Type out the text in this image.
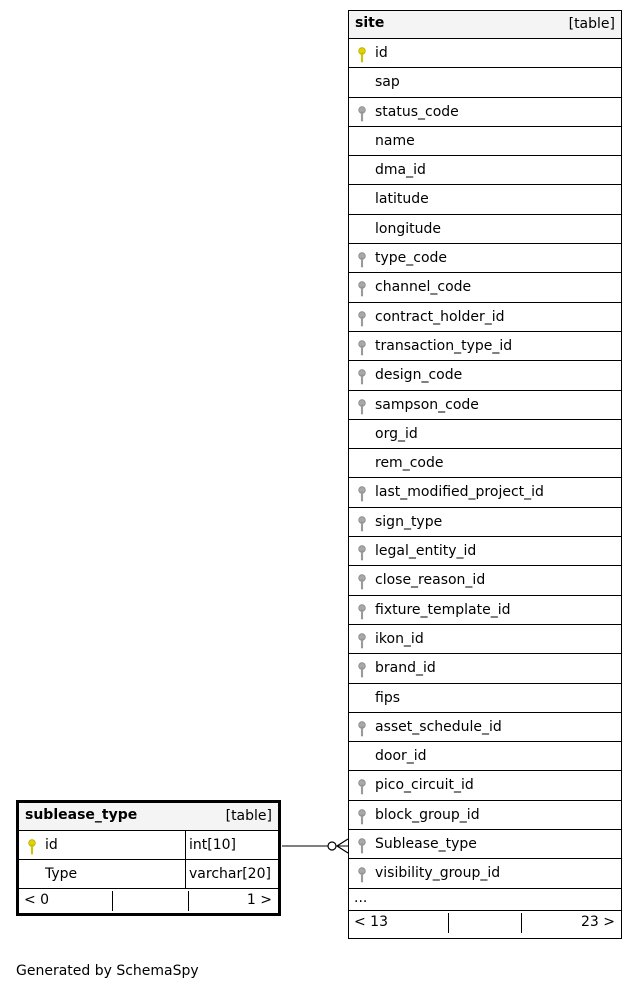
sublease_type	[table]
id	int[10]
Type	varchar[20]
< 0	1 >
site	[table]
id
sap
status_code
name
dma_id
latitude
longitude
type_code
channel_code
contract_holder_id
transaction_type_id
design_code
sampson_code
org_id
rem_code
last_modified_project_id
sign_type
legal_entity_id
close_reason_id
fixture_template_id
ikon_id
brand_id
fips
asset_schedule_id
door_id
pico_circuit_id
block_group_id
Sublease_type
visibility_group_id
...
< 13	23 >
Generated by SchemaSpy
